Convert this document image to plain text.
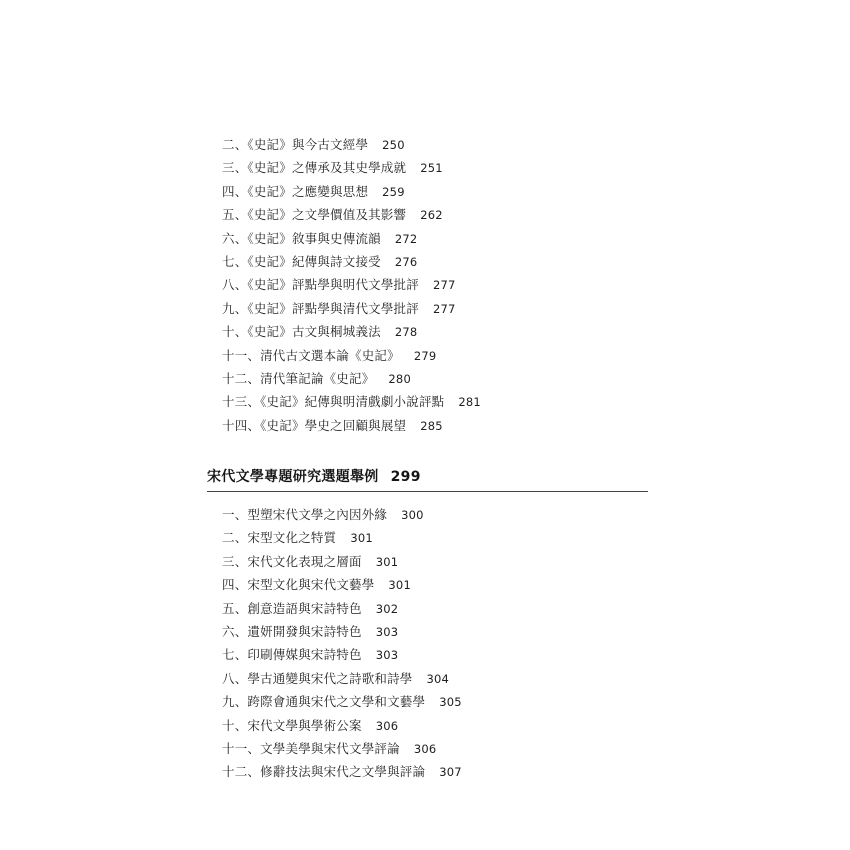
二、《史記》與今古文經學 250
三、《史記》之傳承及其史學成就 251
四、《史記》之應變與思想 259
五、《史記》之文學價值及其影響 262
六、《史記》敘事與史傳流韻 272
七、《史記》紀傳與詩文接受 276
八、《史記》評點學與明代文學批評 277
九、《史記》評點學與清代文學批評 277
十、《史記》古文與桐城義法 278
十一、清代古文選本論《史記》 279
十二、清代筆記論《史記》 280
十三、《史記》紀傳與明清戲劇小說評點 281
十四、《史記》學史之回顧與展望 285
宋代文學專題研究選題舉例 299
一、型塑宋代文學之內因外緣 300
二、宋型文化之特質 301
三、宋代文化表現之層面 301
四、宋型文化與宋代文藝學 301
五、創意造語與宋詩特色 302
六、遺妍開發與宋詩特色 303
七、印刷傳媒與宋詩特色 303
八、學古通變與宋代之詩歌和詩學 304
九、跨際會通與宋代之文學和文藝學 305
十、宋代文學與學術公案 306
十一、文學美學與宋代文學評論 306
十二、修辭技法與宋代之文學與評論 307
